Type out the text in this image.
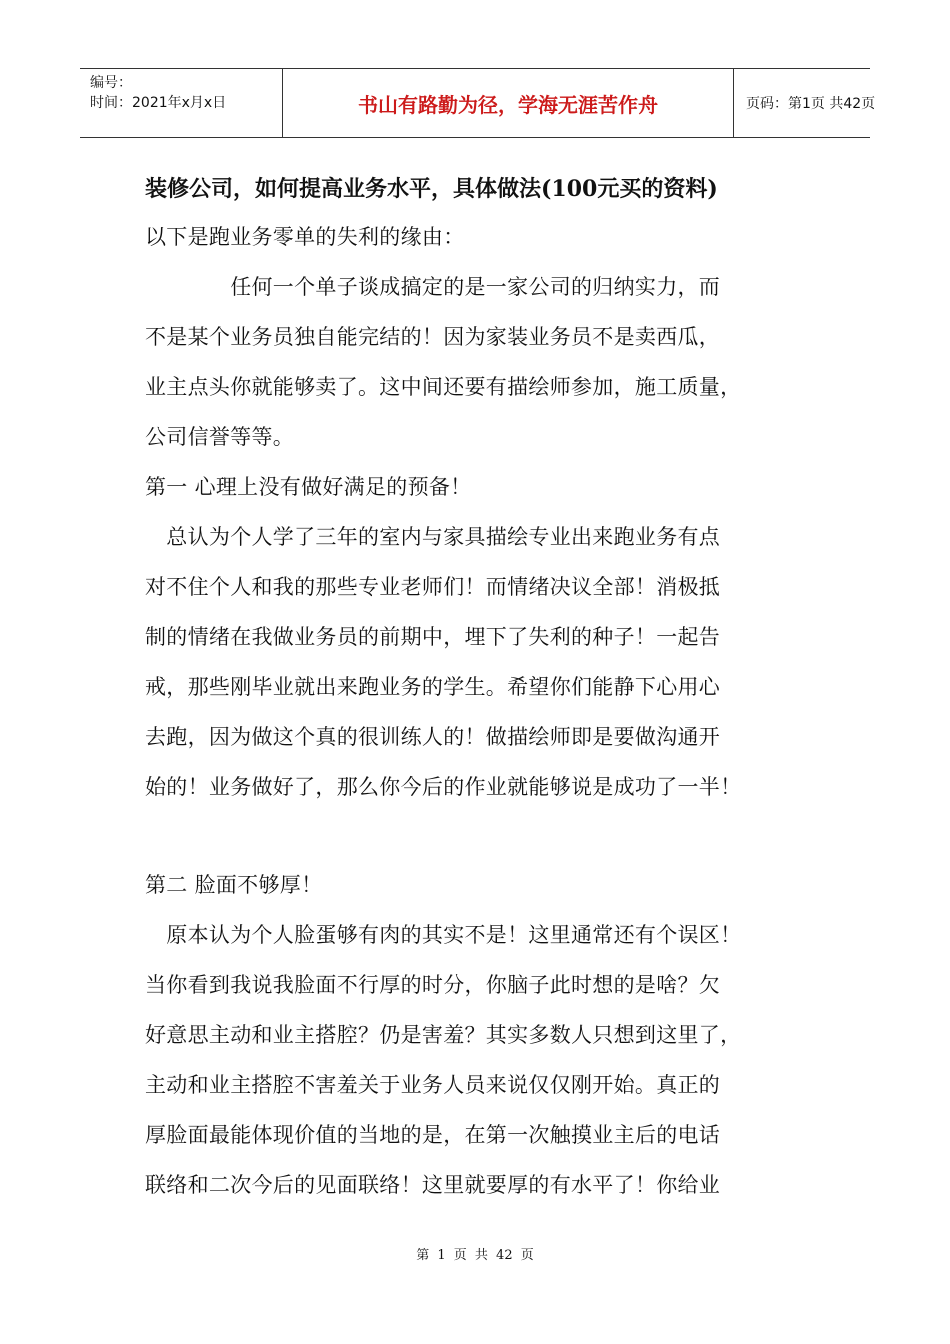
编号：
时间：2021年x月x日	书山有路勤为径，学海无涯苦作舟	页码：第1页 共42页
装修公司，如何提高业务水平，具体做法(100元买的资料)
以下是跑业务零单的失利的缘由：
　　　　任何一个单子谈成搞定的是一家公司的归纳实力，而
不是某个业务员独自能完结的！因为家装业务员不是卖西瓜，
业主点头你就能够卖了。这中间还要有描绘师参加，施工质量，
公司信誉等等。
第一 心理上没有做好满足的预备！
　总认为个人学了三年的室内与家具描绘专业出来跑业务有点
对不住个人和我的那些专业老师们！而情绪决议全部！消极抵
制的情绪在我做业务员的前期中，埋下了失利的种子！一起告
戒，那些刚毕业就出来跑业务的学生。希望你们能静下心用心
去跑，因为做这个真的很训练人的！做描绘师即是要做沟通开
始的！业务做好了，那么你今后的作业就能够说是成功了一半！
第二 脸面不够厚！
　原本认为个人脸蛋够有肉的其实不是！这里通常还有个误区！
当你看到我说我脸面不行厚的时分，你脑子此时想的是啥？欠
好意思主动和业主搭腔？仍是害羞？其实多数人只想到这里了，
主动和业主搭腔不害羞关于业务人员来说仅仅刚开始。真正的
厚脸面最能体现价值的当地的是，在第一次触摸业主后的电话
联络和二次今后的见面联络！这里就要厚的有水平了！你给业
第 1 页 共 42 页
